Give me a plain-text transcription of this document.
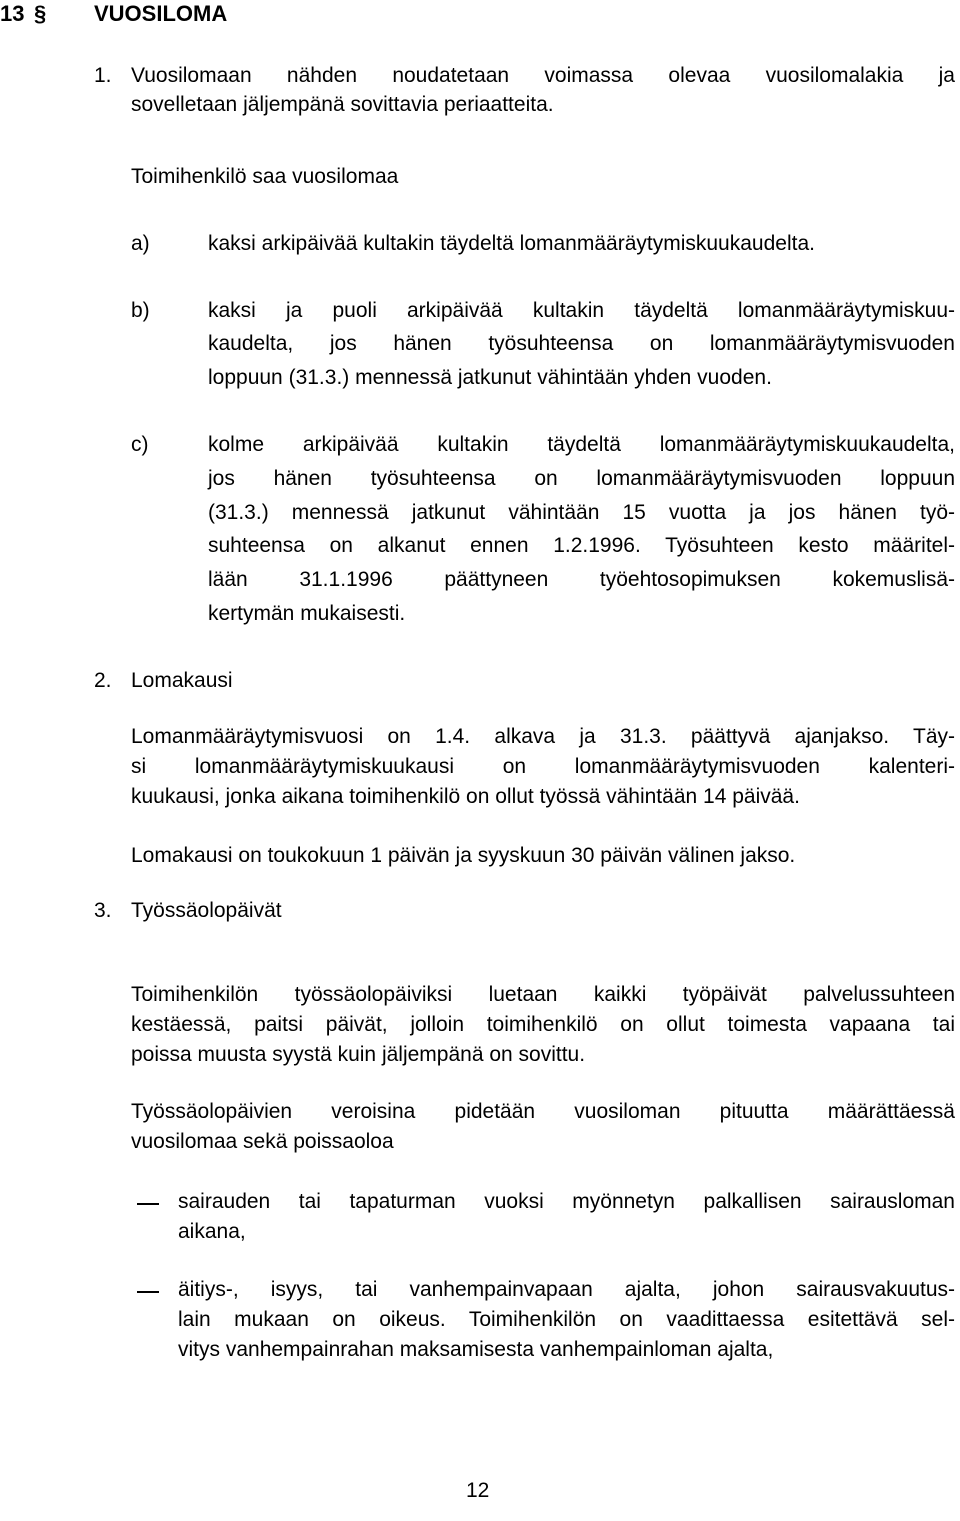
13 § VUOSILOMA
1. Vuosilomaan nähden noudatetaan voimassa olevaa vuosilomalakia ja
sovelletaan jäljempänä sovittavia periaatteita.
Toimihenkilö saa vuosilomaa
a)	kaksi arkipäivää kultakin täydeltä lomanmääräytymiskuukaudelta.
b)	kaksi ja puoli arkipäivää kultakin täydeltä lomanmääräytymiskuu-
kaudelta, jos hänen työsuhteensa on lomanmääräytymisvuoden
loppuun (31.3.) mennessä jatkunut vähintään yhden vuoden.
c)	kolme arkipäivää kultakin täydeltä lomanmääräytymiskuukaudelta,
jos hänen työsuhteensa on lomanmääräytymisvuoden loppuun
(31.3.) mennessä jatkunut vähintään 15 vuotta ja jos hänen työ-
suhteensa on alkanut ennen 1.2.1996. Työsuhteen kesto määritel-
lään 31.1.1996 päättyneen työehtosopimuksen kokemuslisä-
kertymän mukaisesti.
2. Lomakausi
Lomanmääräytymisvuosi on 1.4. alkava ja 31.3. päättyvä ajanjakso. Täy-
si lomanmääräytymiskuukausi on lomanmääräytymisvuoden kalenteri-
kuukausi, jonka aikana toimihenkilö on ollut työssä vähintään 14 päivää.
Lomakausi on toukokuun 1 päivän ja syyskuun 30 päivän välinen jakso.
3. Työssäolopäivät
Toimihenkilön työssäolopäiviksi luetaan kaikki työpäivät palvelussuhteen
kestäessä, paitsi päivät, jolloin toimihenkilö on ollut toimesta vapaana tai
poissa muusta syystä kuin jäljempänä on sovittu.
Työssäolopäivien veroisina pidetään vuosiloman pituutta määrättäessä
vuosilomaa sekä poissaoloa
sairauden tai tapaturman vuoksi myönnetyn palkallisen sairausloman
aikana,
äitiys-, isyys, tai vanhempainvapaan ajalta, johon sairausvakuutus-
lain mukaan on oikeus. Toimihenkilön on vaadittaessa esitettävä sel-
vitys vanhempainrahan maksamisesta vanhempainloman ajalta,
12
